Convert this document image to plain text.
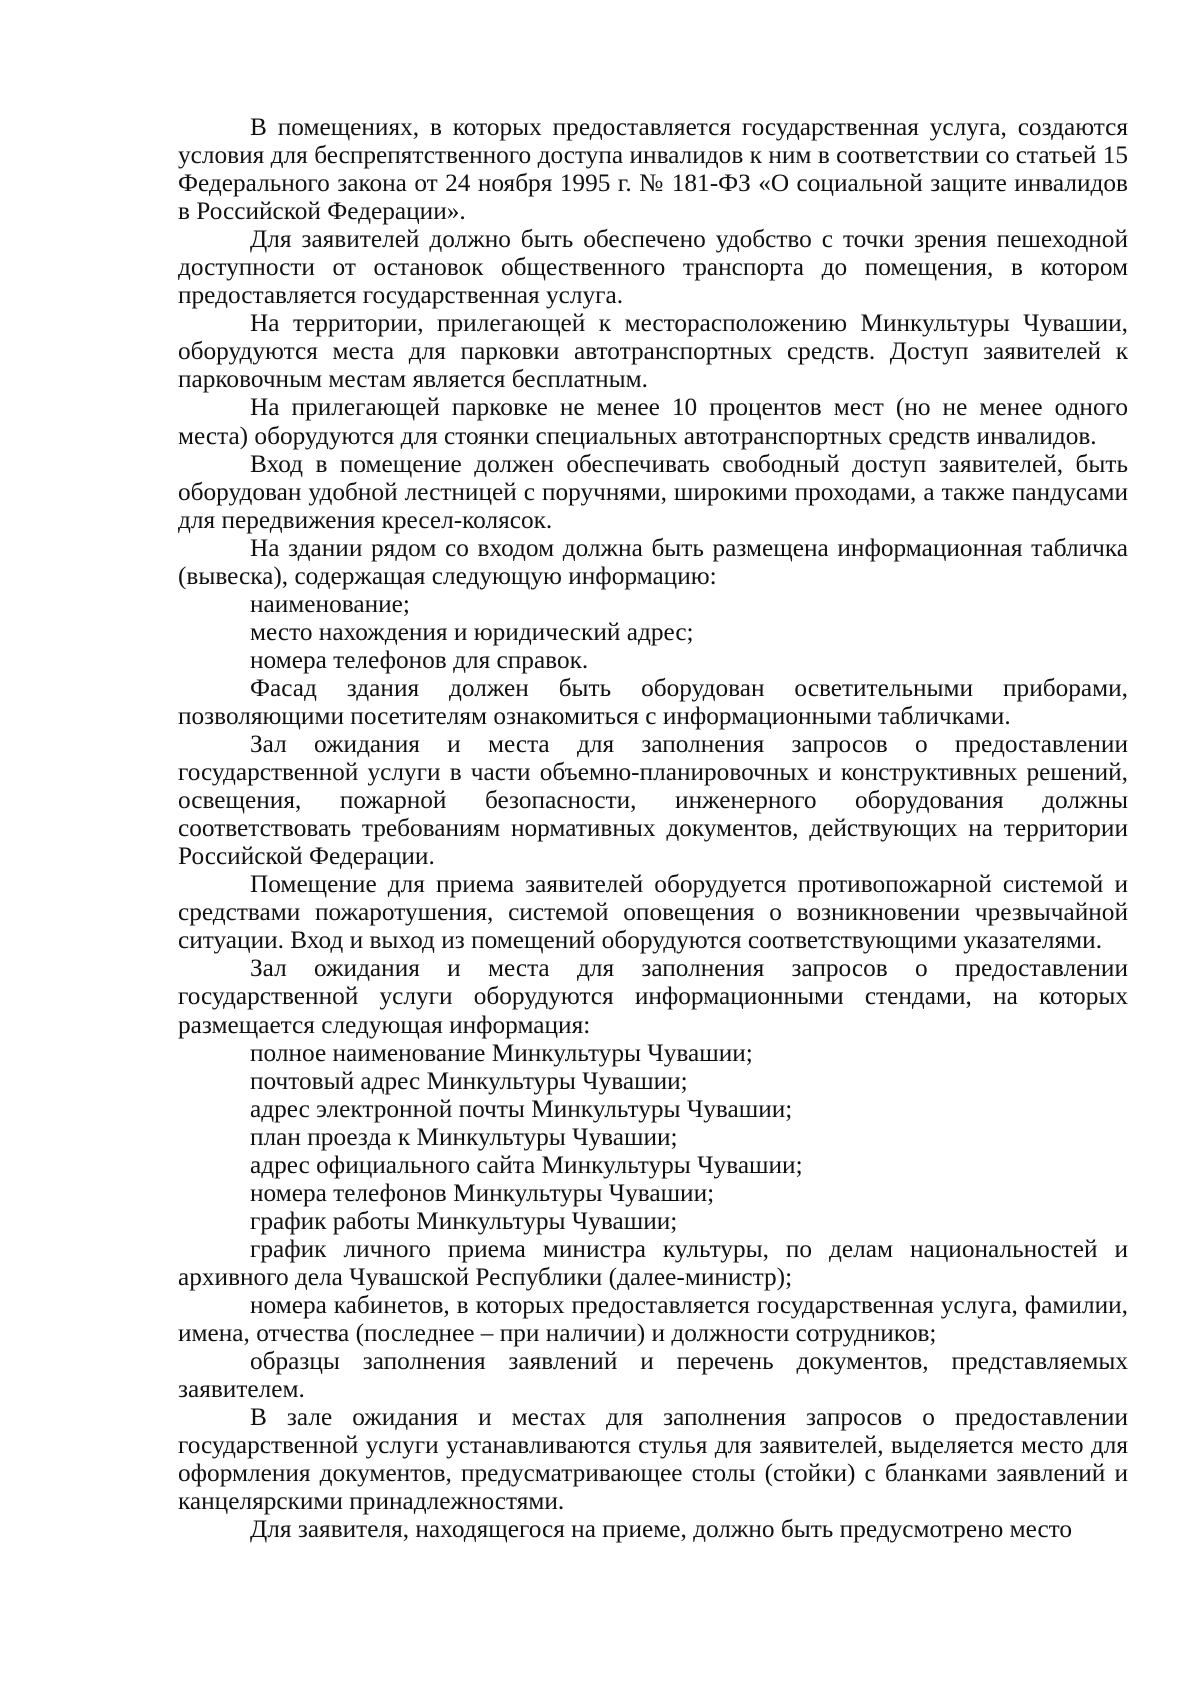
В помещениях, в которых предоставляется государственная услуга, создаются условия для беспрепятственного доступа инвалидов к ним в соответствии со статьей 15 Федерального закона от 24 ноября 1995 г. № 181-ФЗ «О социальной защите инвалидов в Российской Федерации».

Для заявителей должно быть обеспечено удобство с точки зрения пешеходной доступности от остановок общественного транспорта до помещения, в котором предоставляется государственная услуга.

На территории, прилегающей к месторасположению Минкультуры Чувашии, оборудуются места для парковки автотранспортных средств. Доступ заявителей к парковочным местам является бесплатным.

На прилегающей парковке не менее 10 процентов мест (но не менее одного места) оборудуются для стоянки специальных автотранспортных средств инвалидов.

Вход в помещение должен обеспечивать свободный доступ заявителей, быть оборудован удобной лестницей с поручнями, широкими проходами, а также пандусами для передвижения кресел-колясок.

На здании рядом со входом должна быть размещена информационная табличка (вывеска), содержащая следующую информацию:

наименование;

место нахождения и юридический адрес;

номера телефонов для справок.

Фасад здания должен быть оборудован осветительными приборами, позволяющими посетителям ознакомиться с информационными табличками.

Зал ожидания и места для заполнения запросов о предоставлении государственной услуги в части объемно-планировочных и конструктивных решений, освещения, пожарной безопасности, инженерного оборудования должны соответствовать требованиям нормативных документов, действующих на территории Российской Федерации.

Помещение для приема заявителей оборудуется противопожарной системой и средствами пожаротушения, системой оповещения о возникновении чрезвычайной ситуации. Вход и выход из помещений оборудуются соответствующими указателями.

Зал ожидания и места для заполнения запросов о предоставлении государственной услуги оборудуются информационными стендами, на которых размещается следующая информация:

полное наименование Минкультуры Чувашии;

почтовый адрес Минкультуры Чувашии;

адрес электронной почты Минкультуры Чувашии;

план проезда к Минкультуры Чувашии;

адрес официального сайта Минкультуры Чувашии;

номера телефонов Минкультуры Чувашии;

график работы Минкультуры Чувашии;

график личного приема министра культуры, по делам национальностей и архивного дела Чувашской Республики (далее-министр);

номера кабинетов, в которых предоставляется государственная услуга, фамилии, имена, отчества (последнее – при наличии) и должности сотрудников;

образцы заполнения заявлений и перечень документов, представляемых заявителем.

В зале ожидания и местах для заполнения запросов о предоставлении государственной услуги устанавливаются стулья для заявителей, выделяется место для оформления документов, предусматривающее столы (стойки) с бланками заявлений и канцелярскими принадлежностями.

Для заявителя, находящегося на приеме, должно быть предусмотрено место
